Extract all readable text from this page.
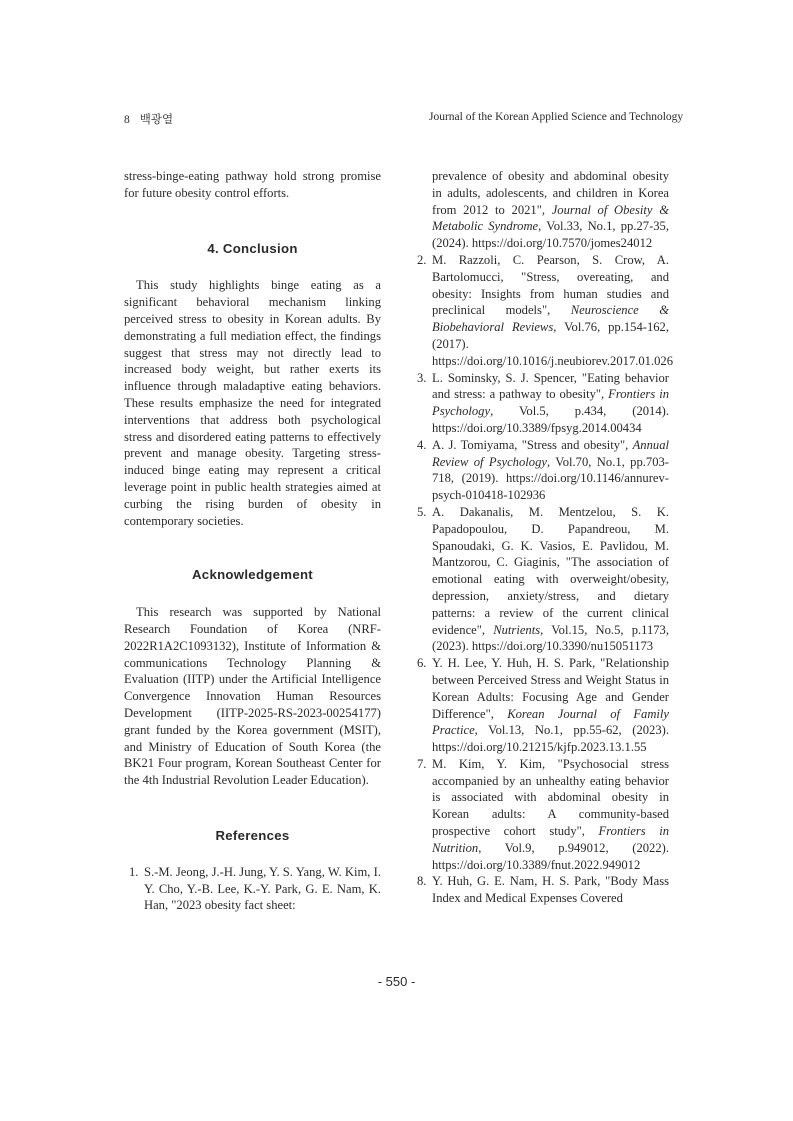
8 백광열	Journal of the Korean Applied Science and Technology

stress-binge-eating pathway hold strong promise for future obesity control efforts.

4. Conclusion

This study highlights binge eating as a significant behavioral mechanism linking perceived stress to obesity in Korean adults. By demonstrating a full mediation effect, the findings suggest that stress may not directly lead to increased body weight, but rather exerts its influence through maladaptive eating behaviors. These results emphasize the need for integrated interventions that address both psychological stress and disordered eating patterns to effectively prevent and manage obesity. Targeting stress-induced binge eating may represent a critical leverage point in public health strategies aimed at curbing the rising burden of obesity in contemporary societies.

Acknowledgement

This research was supported by National Research Foundation of Korea (NRF-2022R1A2C1093132), Institute of Information & communications Technology Planning & Evaluation (IITP) under the Artificial Intelligence Convergence Innovation Human Resources Development (IITP-2025-RS-2023-00254177) grant funded by the Korea government (MSIT), and Ministry of Education of South Korea (the BK21 Four program, Korean Southeast Center for the 4th Industrial Revolution Leader Education).

References
1. S.-M. Jeong, J.-H. Jung, Y. S. Yang, W. Kim, I. Y. Cho, Y.-B. Lee, K.-Y. Park, G. E. Nam, K. Han, "2023 obesity fact sheet:
prevalence of obesity and abdominal obesity in adults, adolescents, and children in Korea from 2012 to 2021", Journal of Obesity & Metabolic Syndrome, Vol.33, No.1, pp.27-35, (2024). https://doi.org/10.7570/jomes24012
2. M. Razzoli, C. Pearson, S. Crow, A. Bartolomucci, "Stress, overeating, and obesity: Insights from human studies and preclinical models", Neuroscience & Biobehavioral Reviews, Vol.76, pp.154-162, (2017). https://doi.org/10.1016/j.neubiorev.2017.01.026
3. L. Sominsky, S. J. Spencer, "Eating behavior and stress: a pathway to obesity", Frontiers in Psychology, Vol.5, p.434, (2014). https://doi.org/10.3389/fpsyg.2014.00434
4. A. J. Tomiyama, "Stress and obesity", Annual Review of Psychology, Vol.70, No.1, pp.703-718, (2019). https://doi.org/10.1146/annurev-psych-010418-102936
5. A. Dakanalis, M. Mentzelou, S. K. Papadopoulou, D. Papandreou, M. Spanoudaki, G. K. Vasios, E. Pavlidou, M. Mantzorou, C. Giaginis, "The association of emotional eating with overweight/obesity, depression, anxiety/stress, and dietary patterns: a review of the current clinical evidence", Nutrients, Vol.15, No.5, p.1173, (2023). https://doi.org/10.3390/nu15051173
6. Y. H. Lee, Y. Huh, H. S. Park, "Relationship between Perceived Stress and Weight Status in Korean Adults: Focusing Age and Gender Difference", Korean Journal of Family Practice, Vol.13, No.1, pp.55-62, (2023). https://doi.org/10.21215/kjfp.2023.13.1.55
7. M. Kim, Y. Kim, "Psychosocial stress accompanied by an unhealthy eating behavior is associated with abdominal obesity in Korean adults: A community-based prospective cohort study", Frontiers in Nutrition, Vol.9, p.949012, (2022). https://doi.org/10.3389/fnut.2022.949012
8. Y. Huh, G. E. Nam, H. S. Park, "Body Mass Index and Medical Expenses Covered
- 550 -
